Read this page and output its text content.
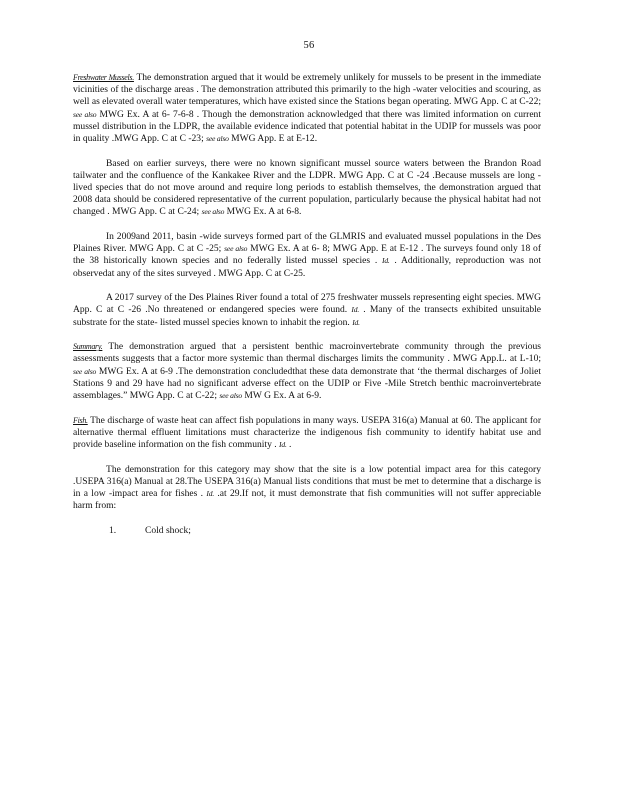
56

Freshwater Mussels. The demonstration argued that it would be extremely unlikely for mussels to be present in the immediate vicinities of the discharge areas . The demonstration attributed this primarily to the high -water velocities and scouring, as well as elevated overall water temperatures, which have existed since the Stations began operating. MWG App. C at C-22; see also MWG Ex. A at 6- 7-6-8 . Though the demonstration acknowledged that there was limited information on current mussel distribution in the LDPR, the available evidence indicated that potential habitat in the UDIP for mussels was poor in quality .MWG App. C at C -23; see also MWG App. E at E-12.

Based on earlier surveys, there were no known significant mussel source waters between the Brandon Road tailwater and the confluence of the Kankakee River and the LDPR. MWG App. C at C -24 .Because mussels are long -lived species that do not move around and require long periods to establish themselves, the demonstration argued that 2008 data should be considered representative of the current population, particularly because the physical habitat had not changed . MWG App. C at C-24; see also MWG Ex. A at 6-8.

In 2009and 2011, basin -wide surveys formed part of the GLMRIS and evaluated mussel populations in the Des Plaines River. MWG App. C at C -25; see also MWG Ex. A at 6- 8; MWG App. E at E-12 . The surveys found only 18 of the 38 historically known species and no federally listed mussel species . Id. . Additionally, reproduction was not observedat any of the sites surveyed . MWG App. C at C-25.

A 2017 survey of the Des Plaines River found a total of 275 freshwater mussels representing eight species. MWG App. C at C -26 .No threatened or endangered species were found. Id. . Many of the transects exhibited unsuitable substrate for the state- listed mussel species known to inhabit the region. Id.

Summary. The demonstration argued that a persistent benthic macroinvertebrate community through the previous assessments suggests that a factor more systemic than thermal discharges limits the community . MWG App.L. at L-10; see also MWG Ex. A at 6-9 .The demonstration concludedthat these data demonstrate that ‘the thermal discharges of Joliet Stations 9 and 29 have had no significant adverse effect on the UDIP or Five -Mile Stretch benthic macroinvertebrate assemblages.” MWG App. C at C-22; see also MW G Ex. A at 6-9.

Fish. The discharge of waste heat can affect fish populations in many ways. USEPA 316(a) Manual at 60. The applicant for alternative thermal effluent limitations must characterize the indigenous fish community to identify habitat use and provide baseline information on the fish community . Id. .

The demonstration for this category may show that the site is a low potential impact area for this category .USEPA 316(a) Manual at 28.The USEPA 316(a) Manual lists conditions that must be met to determine that a discharge is in a low -impact area for fishes . Id. .at 29.If not, it must demonstrate that fish communities will not suffer appreciable harm from:

1.	Cold shock;
